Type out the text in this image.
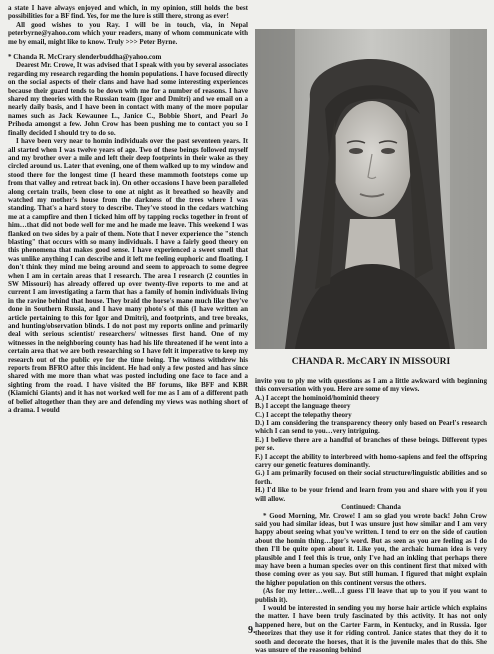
a state I have always enjoyed and which, in my opinion, still holds the best possibilities for a BF find. Yes, for me the lure is still there, strong as ever!

All good wishes to you Ray. I will be in touch, via, in Nepal peterbyrne@yahoo.com which your readers, many of whom communicate with me by email, might like to know. Truly >>> Peter Byrne.

* Chanda R. McCrary slenderbuddha@yahoo.com

Dearest Mr. Crowe, It was advised that I speak with you by several associates regarding my research regarding the homin populations. I have focused directly on the social aspects of their clans and have had some interesting experiences because their guard tends to be down with me for a number of reasons. I have shared my theories with the Russian team (Igor and Dmitri) and we email on a nearly daily basis, and I have been in contact with many of the more popular names such as Jack Kewaunee L., Janice C., Bobbie Short, and Pearl Jo Prihoda amongst a few. John Crow has been pushing me to contact you so I finally decided I should try to do so.

I have been very near to homin individuals over the past seventeen years. It all started when I was twelve years of age. Two of these beings followed myself and my brother over a mile and left their deep footprints in their wake as they circled around us. Later that evening, one of them walked up to my window and stood there for the longest time (I heard these mammoth footsteps come up from that valley and retreat back in). On other occasions I have been paralleled along certain trails, been close to one at night as it breathed so heavily and watched my mother's house from the darkness of the trees where I was standing. That's a hard story to describe. They've stood in the cedars watching me at a campfire and then I ticked him off by tapping rocks together in front of him…that did not bode well for me and he made me leave. This weekend I was flanked on two sides by a pair of them. Note that I never experience the "stench blasting" that occurs with so many individuals. I have a fairly good theory on this phenomena that makes good sense. I have experienced a sweet smell that was unlike anything I can describe and it left me feeling euphoric and floating. I don't think they mind me being around and seem to approach to some degree when I am in certain areas that I research. The area I research (2 counties in SW Missouri) has already offered up over twenty-five reports to me and at current I am investigating a farm that has a family of homin individuals living in the ravine behind that house. They braid the horse's mane much like they've done in Southern Russia, and I have many photo's of this (I have written an article pertaining to this for Igor and Dmitri), and footprints, and tree breaks, and hunting/observation blinds. I do not post my reports online and primarily deal with serious scientist/ researchers/ witnesses first hand. One of my witnesses in the neighboring county has had his life threatened if he went into a certain area that we are both researching so I have felt it imperative to keep my research out of the public eye for the time being. The witness withdrew his reports from BFRO after this incident. He had only a few posted and has since shared with me more than what was posted including one face to face and a sighting from the road. I have visited the BF forums, like BFF and KBR (Kiamichi Giants) and it has not worked well for me as I am of a different path of belief altogether than they are and defending my views was nothing short of a drama. I would

CHANDA R. McCARY IN MISSOURI

invite you to ply me with questions as I am a little awkward with beginning this conversation with you. Here are some of my views.

A.) I accept the hominoid/hominid theory

B.) I accept the language theory

C.) I accept the telepathy theory

D.) I am considering the transparency theory only based on Pearl's research which I can send to you…very intriguing.

E.) I believe there are a handful of branches of these beings. Different types per se.

F.) I accept the ability to interbreed with homo-sapiens and feel the offspring carry our genetic features dominantly.

G.) I am primarily focused on their social structure/linguistic abilities and so forth.

H.) I'd like to be your friend and learn from you and share with you if you will allow.

Continued: Chanda

* Good Morning, Mr. Crowe! I am so glad you wrote back! John Crow said you had similar ideas, but I was unsure just how similar and I am very happy about seeing what you've written. I tend to err on the side of caution about the homin thing…Igor's word. But as seen as you are feeling as I do then I'll be quite open about it. Like you, the archaic human idea is very plausible and I feel this is true, only I've had an inkling that perhaps there may have been a human species over on this continent first that mixed with those coming over as you say. But still human. I figured that might explain the higher population on this continent versus the others.

(As for my letter…well…I guess I'll leave that up to you if you want to publish it).

I would be interested in sending you my horse hair article which explains the matter. I have been truly fascinated by this activity. It has not only happened here, but on the Carter Farm, in Kentucky, and in Russia. Igor theorizes that they use it for riding control. Janice states that they do it to sooth and decorate the horses, that it is the juvenile males that do this. She was unsure of the reasoning behind

9.
